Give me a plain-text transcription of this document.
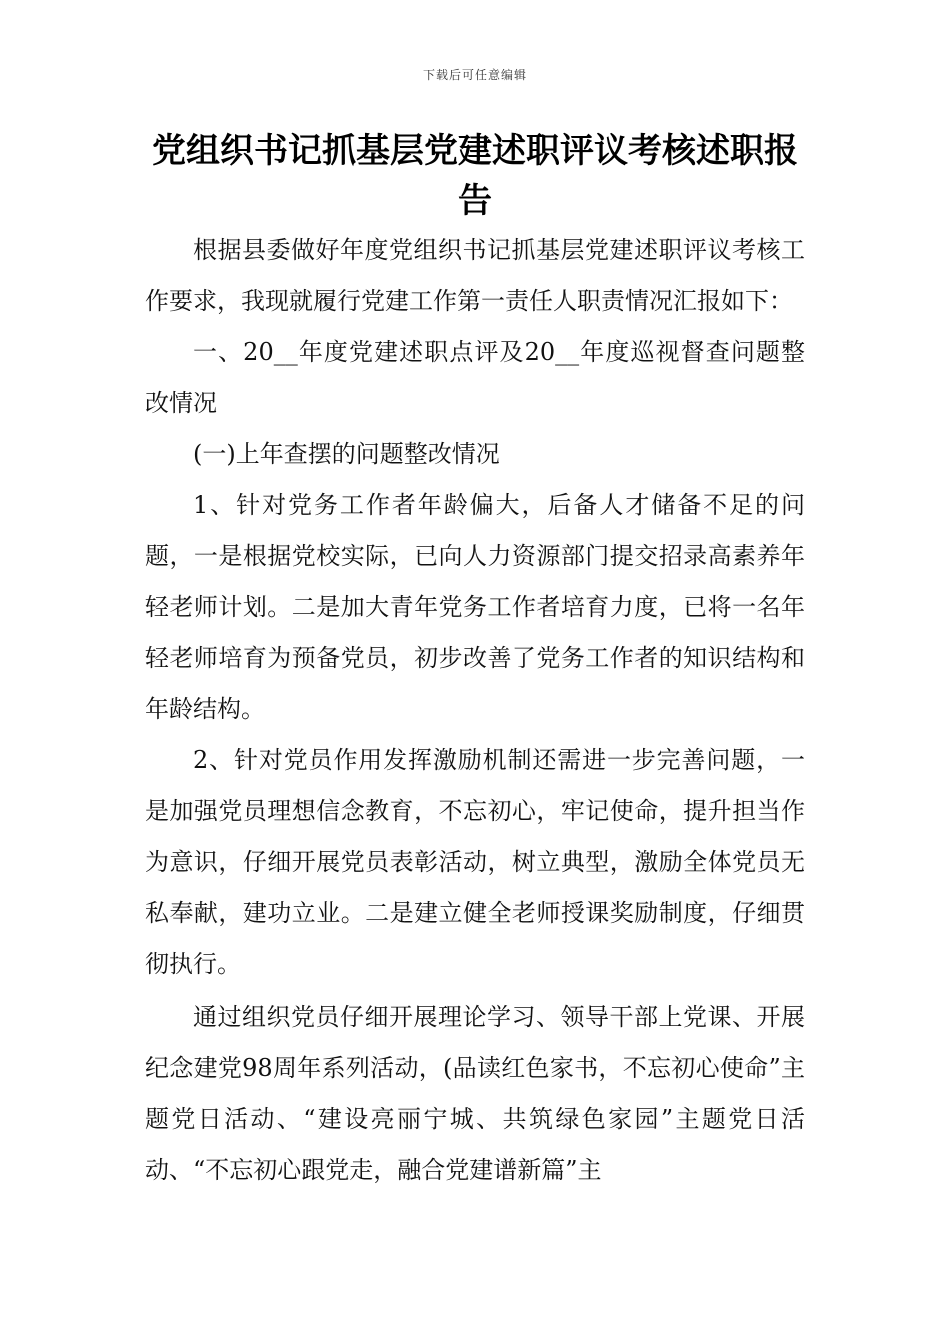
下载后可任意编辑
党组织书记抓基层党建述职评议考核述职报告

根据县委做好年度党组织书记抓基层党建述职评议考核工作要求，我现就履行党建工作第一责任人职责情况汇报如下：

一、20__年度党建述职点评及20__年度巡视督查问题整改情况

(一)上年查摆的问题整改情况

1、针对党务工作者年龄偏大，后备人才储备不足的问题，一是根据党校实际，已向人力资源部门提交招录高素养年轻老师计划。二是加大青年党务工作者培育力度，已将一名年轻老师培育为预备党员，初步改善了党务工作者的知识结构和年龄结构。

2、针对党员作用发挥激励机制还需进一步完善问题，一是加强党员理想信念教育，不忘初心，牢记使命，提升担当作为意识，仔细开展党员表彰活动，树立典型，激励全体党员无私奉献，建功立业。二是建立健全老师授课奖励制度，仔细贯彻执行。

通过组织党员仔细开展理论学习、领导干部上党课、开展纪念建党98周年系列活动，(品读红色家书，不忘初心使命”主题党日活动、“建设亮丽宁城、共筑绿色家园”主题党日活动、“不忘初心跟党走，融合党建谱新篇”主
